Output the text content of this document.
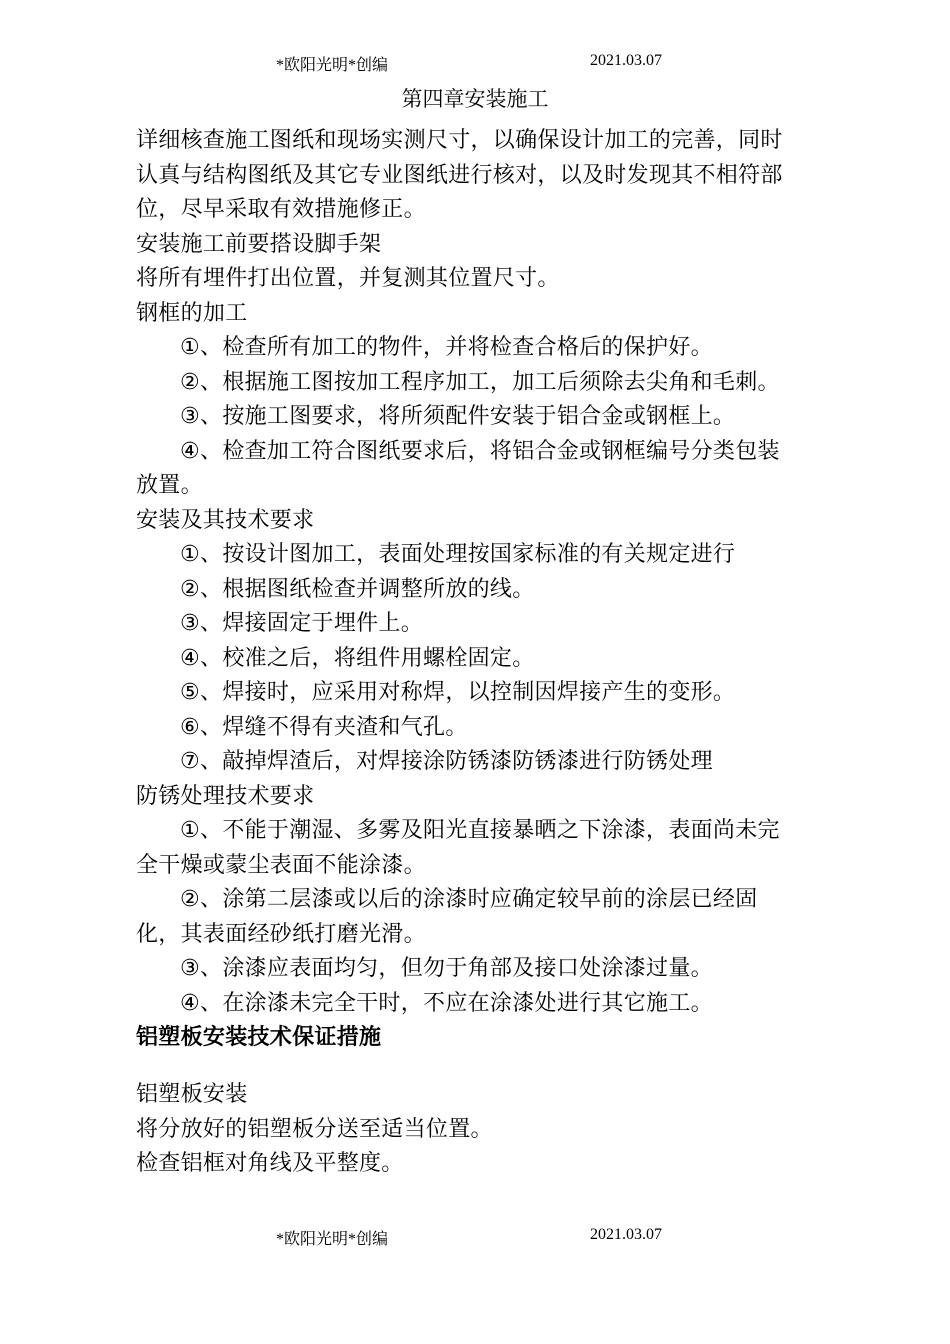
*欧阳光明*创编	2021.03.07
第四章安装施工
详细核查施工图纸和现场实测尺寸，以确保设计加工的完善，同时
认真与结构图纸及其它专业图纸进行核对，以及时发现其不相符部
位，尽早采取有效措施修正。
安装施工前要搭设脚手架
将所有埋件打出位置，并复测其位置尺寸。
钢框的加工
①、检查所有加工的物件，并将检查合格后的保护好。
②、根据施工图按加工程序加工，加工后须除去尖角和毛刺。
③、按施工图要求，将所须配件安装于铝合金或钢框上。
④、检查加工符合图纸要求后，将铝合金或钢框编号分类包装
放置。
安装及其技术要求
①、按设计图加工，表面处理按国家标准的有关规定进行
②、根据图纸检查并调整所放的线。
③、焊接固定于埋件上。
④、校准之后，将组件用螺栓固定。
⑤、焊接时，应采用对称焊，以控制因焊接产生的变形。
⑥、焊缝不得有夹渣和气孔。
⑦、敲掉焊渣后，对焊接涂防锈漆防锈漆进行防锈处理
防锈处理技术要求
①、不能于潮湿、多雾及阳光直接暴晒之下涂漆，表面尚未完
全干燥或蒙尘表面不能涂漆。
②、涂第二层漆或以后的涂漆时应确定较早前的涂层已经固
化，其表面经砂纸打磨光滑。
③、涂漆应表面均匀，但勿于角部及接口处涂漆过量。
④、在涂漆未完全干时，不应在涂漆处进行其它施工。
铝塑板安装技术保证措施
铝塑板安装
将分放好的铝塑板分送至适当位置。
检查铝框对角线及平整度。
*欧阳光明*创编	2021.03.07
